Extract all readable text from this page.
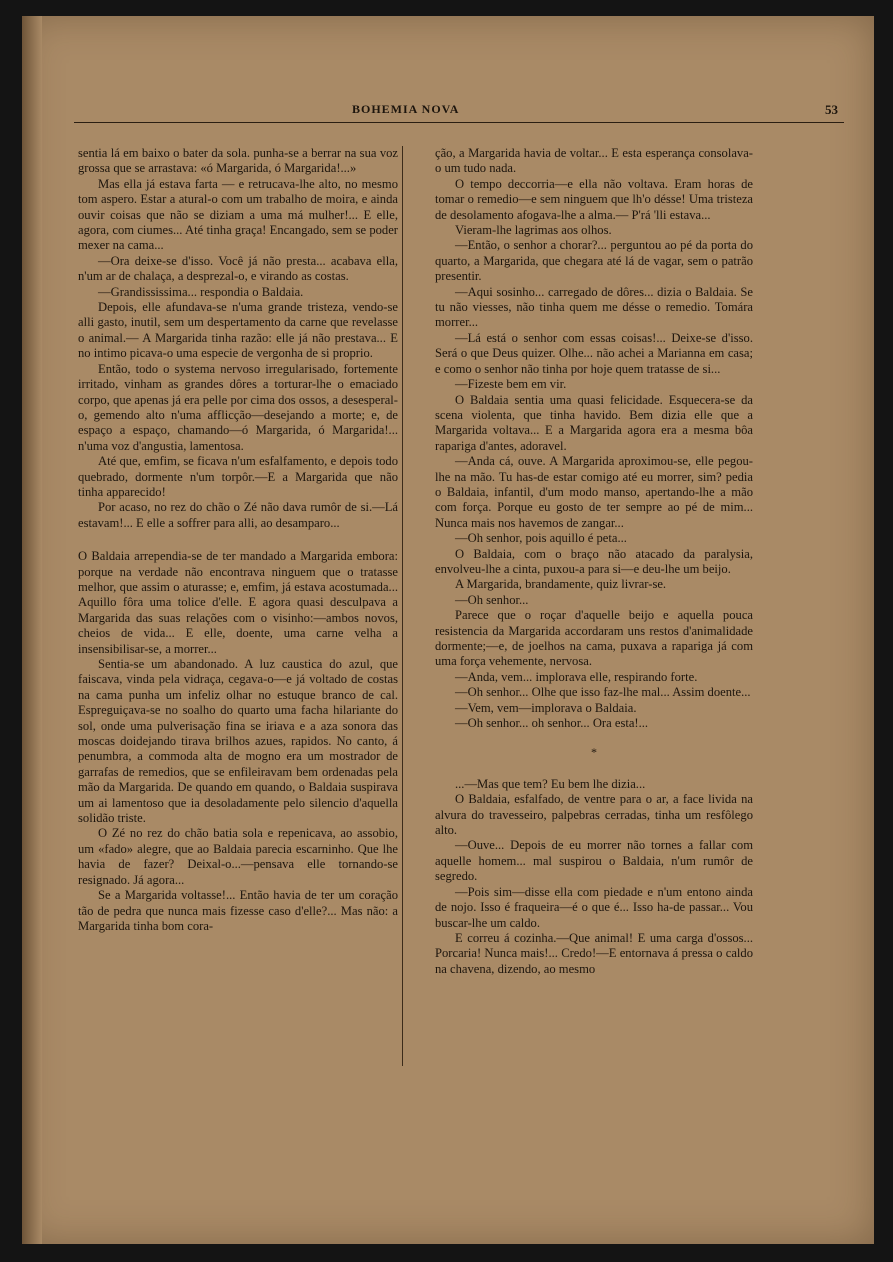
BOHEMIA NOVA	53

sentia lá em baixo o bater da sola. punha-se a berrar na sua voz grossa que se arrastava: «ó Margarida, ó Margarida!...»

Mas ella já estava farta — e retrucava-lhe alto, no mesmo tom aspero. Estar a atural-o com um trabalho de moira, e ainda ouvir coisas que não se diziam a uma má mulher!... E elle, agora, com ciumes... Até tinha graça! Encangado, sem se poder mexer na cama...

—Ora deixe-se d'isso. Você já não presta... acabava ella, n'um ar de chalaça, a desprezal-o, e virando as costas.

—Grandississima... respondia o Baldaia.

Depois, elle afundava-se n'uma grande tristeza, vendo-se alli gasto, inutil, sem um despertamento da carne que revelasse o animal.— A Margarida tinha razão: elle já não prestava... E no intimo picava-o uma especie de vergonha de si proprio.

Então, todo o systema nervoso irregularisado, fortemente irritado, vinham as grandes dôres a torturar-lhe o emaciado corpo, que apenas já era pelle por cima dos ossos, a desesperal-o, gemendo alto n'uma afflicção—desejando a morte; e, de espaço a espaço, chamando—ó Margarida, ó Margarida!... n'uma voz d'angustia, lamentosa.

Até que, emfim, se ficava n'um esfalfamento, e depois todo quebrado, dormente n'um torpôr.—E a Margarida que não tinha apparecido!

Por acaso, no rez do chão o Zé não dava rumôr de si.—Lá estavam!... E elle a soffrer para alli, ao desamparo...

O Baldaia arrependia-se de ter mandado a Margarida embora: porque na verdade não encontrava ninguem que o tratasse melhor, que assim o aturasse; e, emfim, já estava acostumada... Aquillo fôra uma tolice d'elle. E agora quasi desculpava a Margarida das suas relações com o visinho:—ambos novos, cheios de vida... E elle, doente, uma carne velha a insensibilisar-se, a morrer...

Sentia-se um abandonado. A luz caustica do azul, que faiscava, vinda pela vidraça, cegava-o—e já voltado de costas na cama punha um infeliz olhar no estuque branco de cal. Espreguiçava-se no soalho do quarto uma facha hilariante do sol, onde uma pulverisação fina se iriava e a aza sonora das moscas doidejando tirava brilhos azues, rapidos. No canto, á penumbra, a commoda alta de mogno era um mostrador de garrafas de remedios, que se enfileiravam bem ordenadas pela mão da Margarida. De quando em quando, o Baldaia suspirava um ai lamentoso que ia desoladamente pelo silencio d'aquella solidão triste.

O Zé no rez do chão batia sola e repenicava, ao assobio, um «fado» alegre, que ao Baldaia parecia escarninho. Que lhe havia de fazer? Deixal-o...—pensava elle tornando-se resignado. Já agora...

Se a Margarida voltasse!... Então havia de ter um coração tão de pedra que nunca mais fizesse caso d'elle?... Mas não: a Margarida tinha bom cora-

ção, a Margarida havia de voltar... E esta esperança consolava-o um tudo nada.

O tempo deccorria—e ella não voltava. Eram horas de tomar o remedio—e sem ninguem que lh'o désse! Uma tristeza de desolamento afogava-lhe a alma.— P'rá 'lli estava...

Vieram-lhe lagrimas aos olhos.

—Então, o senhor a chorar?... perguntou ao pé da porta do quarto, a Margarida, que chegara até lá de vagar, sem o patrão presentir.

—Aqui sosinho... carregado de dôres... dizia o Baldaia. Se tu não viesses, não tinha quem me désse o remedio. Tomára morrer...

—Lá está o senhor com essas coisas!... Deixe-se d'isso. Será o que Deus quizer. Olhe... não achei a Marianna em casa; e como o senhor não tinha por hoje quem tratasse de si...

—Fizeste bem em vir.

O Baldaia sentia uma quasi felicidade. Esquecera-se da scena violenta, que tinha havido. Bem dizia elle que a Margarida voltava... E a Margarida agora era a mesma bôa rapariga d'antes, adoravel.

—Anda cá, ouve. A Margarida aproximou-se, elle pegou-lhe na mão. Tu has-de estar comigo até eu morrer, sim? pedia o Baldaia, infantil, d'um modo manso, apertando-lhe a mão com força. Porque eu gosto de ter sempre ao pé de mim... Nunca mais nos havemos de zangar...

—Oh senhor, pois aquillo é peta...

O Baldaia, com o braço não atacado da paralysia, envolveu-lhe a cinta, puxou-a para si—e deu-lhe um beijo.

A Margarida, brandamente, quiz livrar-se.

—Oh senhor...

Parece que o roçar d'aquelle beijo e aquella pouca resistencia da Margarida accordaram uns restos d'animalidade dormente;—e, de joelhos na cama, puxava a rapariga já com uma força vehemente, nervosa.

—Anda, vem... implorava elle, respirando forte.

—Oh senhor... Olhe que isso faz-lhe mal... Assim doente...

—Vem, vem—implorava o Baldaia.

—Oh senhor... oh senhor... Ora esta!...

*

...—Mas que tem? Eu bem lhe dizia...

O Baldaia, esfalfado, de ventre para o ar, a face livida na alvura do travesseiro, palpebras cerradas, tinha um resfôlego alto.

—Ouve... Depois de eu morrer não tornes a fallar com aquelle homem... mal suspirou o Baldaia, n'um rumôr de segredo.

—Pois sim—disse ella com piedade e n'um entono ainda de nojo. Isso é fraqueira—é o que é... Isso ha-de passar... Vou buscar-lhe um caldo.

E correu á cozinha.—Que animal! E uma carga d'ossos... Porcaria! Nunca mais!... Credo!—E entornava á pressa o caldo na chavena, dizendo, ao mesmo
